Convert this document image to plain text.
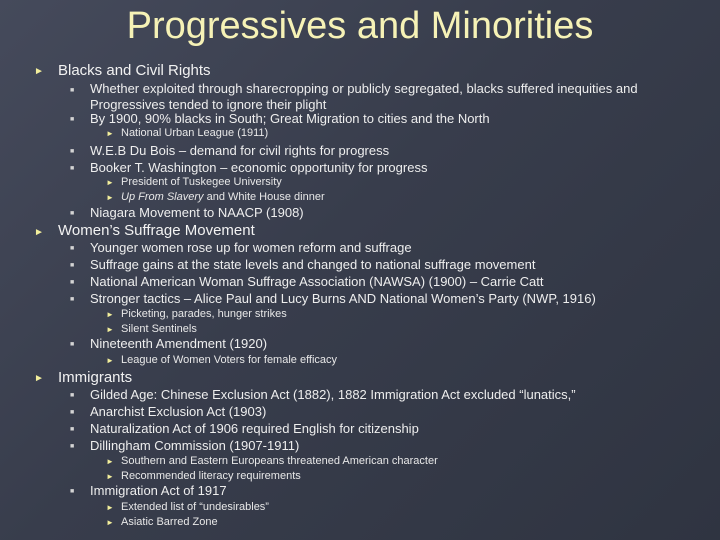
Progressives and Minorities
► Blacks and Civil Rights
■ Whether exploited through sharecropping or publicly segregated, blacks suffered inequities and
Progressives tended to ignore their plight
■ By 1900, 90% blacks in South; Great Migration to cities and the North
► National Urban League (1911)
■ W.E.B Du Bois – demand for civil rights for progress
■ Booker T. Washington – economic opportunity for progress
► President of Tuskegee University
► Up From Slavery and White House dinner
■ Niagara Movement to NAACP (1908)
► Women’s Suffrage Movement
■ Younger women rose up for women reform and suffrage
■ Suffrage gains at the state levels and changed to national suffrage movement
■ National American Woman Suffrage Association (NAWSA) (1900) – Carrie Catt
■ Stronger tactics – Alice Paul and Lucy Burns AND National Women’s Party (NWP, 1916)
► Picketing, parades, hunger strikes
► Silent Sentinels
■ Nineteenth Amendment (1920)
► League of Women Voters for female efficacy
► Immigrants
■ Gilded Age: Chinese Exclusion Act (1882), 1882 Immigration Act excluded “lunatics,”
■ Anarchist Exclusion Act (1903)
■ Naturalization Act of 1906 required English for citizenship
■ Dillingham Commission (1907-1911)
► Southern and Eastern Europeans threatened American character
► Recommended literacy requirements
■ Immigration Act of 1917
► Extended list of “undesirables”
► Asiatic Barred Zone
